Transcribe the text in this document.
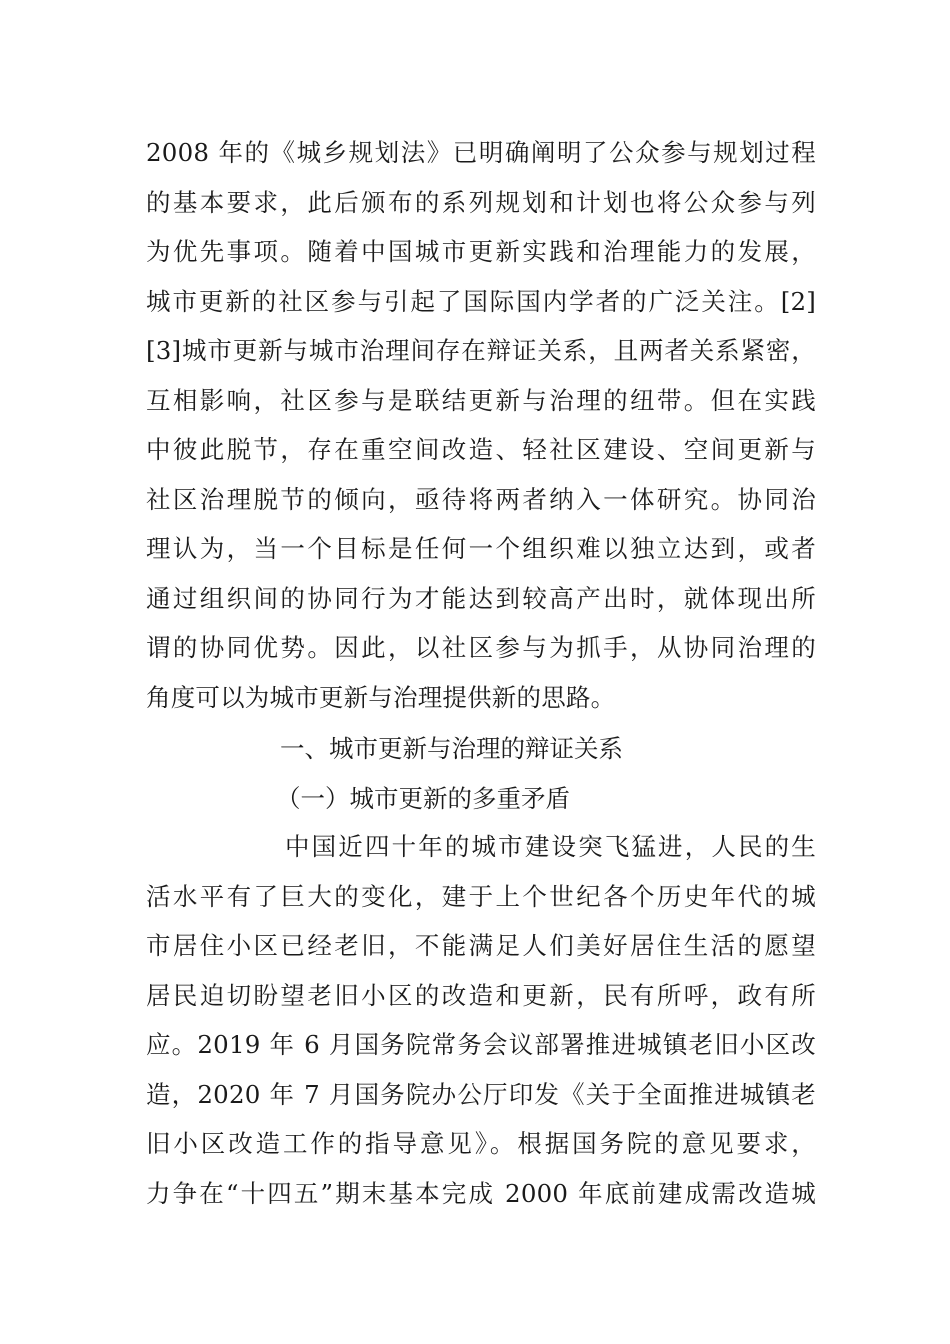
2008 年的《城乡规划法》已明确阐明了公众参与规划过程
的基本要求，此后颁布的系列规划和计划也将公众参与列
为优先事项。随着中国城市更新实践和治理能力的发展，
城市更新的社区参与引起了国际国内学者的广泛关注。[2]
[3]城市更新与城市治理间存在辩证关系，且两者关系紧密，
互相影响，社区参与是联结更新与治理的纽带。但在实践
中彼此脱节，存在重空间改造、轻社区建设、空间更新与
社区治理脱节的倾向，亟待将两者纳入一体研究。协同治
理认为，当一个目标是任何一个组织难以独立达到，或者
通过组织间的协同行为才能达到较高产出时，就体现出所
谓的协同优势。因此，以社区参与为抓手，从协同治理的
角度可以为城市更新与治理提供新的思路。
一、城市更新与治理的辩证关系
（一）城市更新的多重矛盾
中国近四十年的城市建设突飞猛进，人民的生
活水平有了巨大的变化，建于上个世纪各个历史年代的城
市居住小区已经老旧，不能满足人们美好居住生活的愿望
居民迫切盼望老旧小区的改造和更新，民有所呼，政有所
应。2019 年 6 月国务院常务会议部署推进城镇老旧小区改
造，2020 年 7 月国务院办公厅印发《关于全面推进城镇老
旧小区改造工作的指导意见》。根据国务院的意见要求，
力争在“十四五”期末基本完成 2000 年底前建成需改造城
